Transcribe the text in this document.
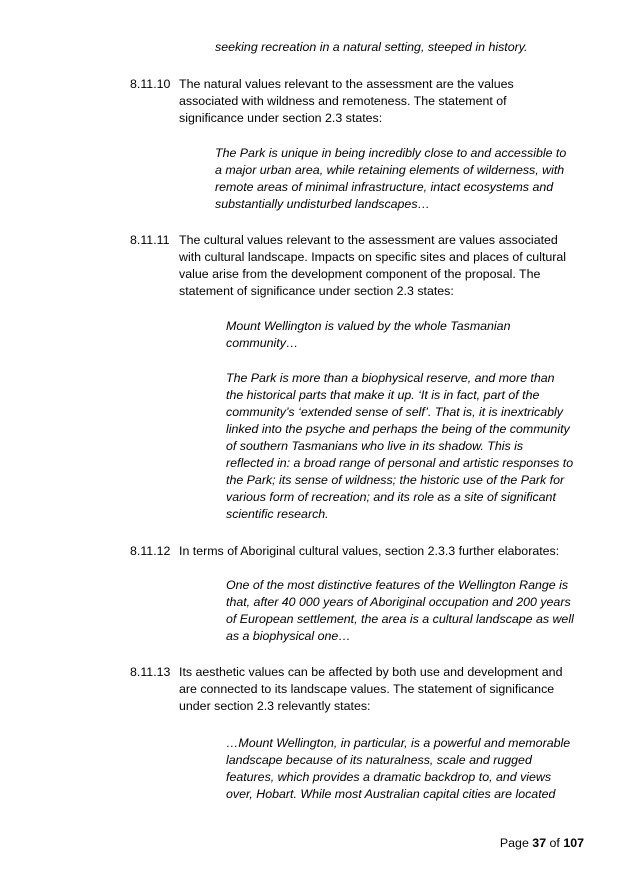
seeking recreation in a natural setting, steeped in history.
8.11.10 The natural values relevant to the assessment are the values
associated with wildness and remoteness. The statement of
significance under section 2.3 states:
The Park is unique in being incredibly close to and accessible to
a major urban area, while retaining elements of wilderness, with
remote areas of minimal infrastructure, intact ecosystems and
substantially undisturbed landscapes…
8.11.11 The cultural values relevant to the assessment are values associated
with cultural landscape. Impacts on specific sites and places of cultural
value arise from the development component of the proposal. The
statement of significance under section 2.3 states:
Mount Wellington is valued by the whole Tasmanian
community…
The Park is more than a biophysical reserve, and more than
the historical parts that make it up. ‘It is in fact, part of the
community’s ‘extended sense of self’. That is, it is inextricably
linked into the psyche and perhaps the being of the community
of southern Tasmanians who live in its shadow. This is
reflected in: a broad range of personal and artistic responses to
the Park; its sense of wildness; the historic use of the Park for
various form of recreation; and its role as a site of significant
scientific research.
8.11.12 In terms of Aboriginal cultural values, section 2.3.3 further elaborates:
One of the most distinctive features of the Wellington Range is
that, after 40 000 years of Aboriginal occupation and 200 years
of European settlement, the area is a cultural landscape as well
as a biophysical one…
8.11.13 Its aesthetic values can be affected by both use and development and
are connected to its landscape values. The statement of significance
under section 2.3 relevantly states:
…Mount Wellington, in particular, is a powerful and memorable
landscape because of its naturalness, scale and rugged
features, which provides a dramatic backdrop to, and views
over, Hobart. While most Australian capital cities are located
Page 37 of 107
